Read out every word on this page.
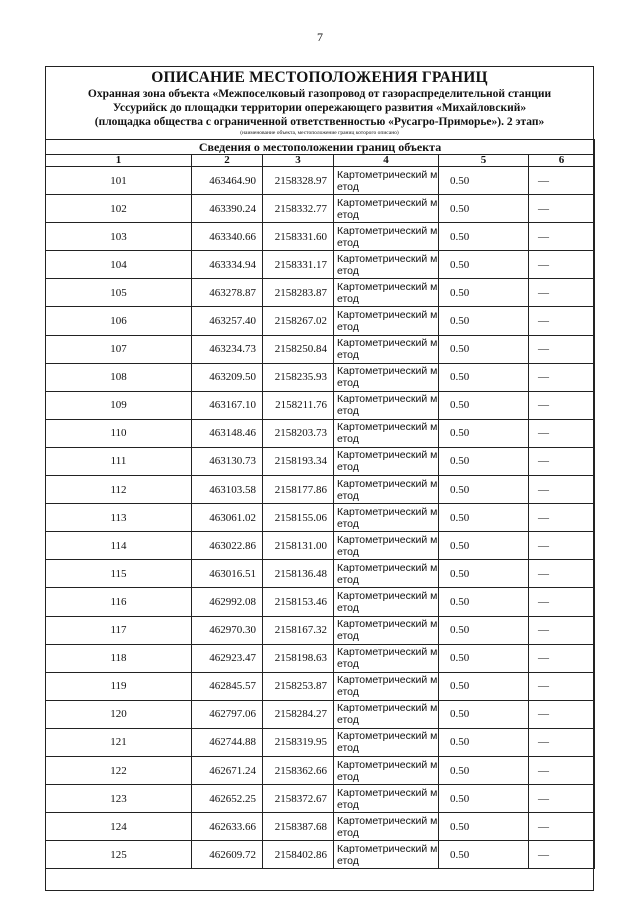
7
ОПИСАНИЕ МЕСТОПОЛОЖЕНИЯ ГРАНИЦ
Охранная зона объекта «Межпоселковый газопровод от газораспределительной станции
Уссурийск до площадки территории опережающего развития «Михайловский»
(площадка общества с ограниченной ответственностью «Русагро-Приморье»). 2 этап»
(наименование объекта, местоположение границ которого описано)
Сведения о местоположении границ объекта					
1	2	3	4	5	6
101	463464.90	2158328.97	Картометрический метод	0.50	—
102	463390.24	2158332.77	Картометрический метод	0.50	—
103	463340.66	2158331.60	Картометрический метод	0.50	—
104	463334.94	2158331.17	Картометрический метод	0.50	—
105	463278.87	2158283.87	Картометрический метод	0.50	—
106	463257.40	2158267.02	Картометрический метод	0.50	—
107	463234.73	2158250.84	Картометрический метод	0.50	—
108	463209.50	2158235.93	Картометрический метод	0.50	—
109	463167.10	2158211.76	Картометрический метод	0.50	—
110	463148.46	2158203.73	Картометрический метод	0.50	—
111	463130.73	2158193.34	Картометрический метод	0.50	—
112	463103.58	2158177.86	Картометрический метод	0.50	—
113	463061.02	2158155.06	Картометрический метод	0.50	—
114	463022.86	2158131.00	Картометрический метод	0.50	—
115	463016.51	2158136.48	Картометрический метод	0.50	—
116	462992.08	2158153.46	Картометрический метод	0.50	—
117	462970.30	2158167.32	Картометрический метод	0.50	—
118	462923.47	2158198.63	Картометрический метод	0.50	—
119	462845.57	2158253.87	Картометрический метод	0.50	—
120	462797.06	2158284.27	Картометрический метод	0.50	—
121	462744.88	2158319.95	Картометрический метод	0.50	—
122	462671.24	2158362.66	Картометрический метод	0.50	—
123	462652.25	2158372.67	Картометрический метод	0.50	—
124	462633.66	2158387.68	Картометрический метод	0.50	—
125	462609.72	2158402.86	Картометрический метод	0.50	—
